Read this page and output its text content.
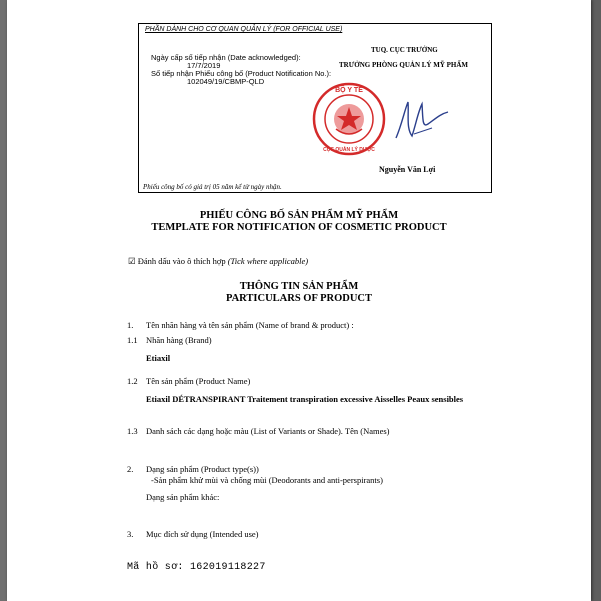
PHẦN DÀNH CHO CƠ QUAN QUẢN LÝ (FOR OFFICIAL USE)
Ngày cấp số tiếp nhận (Date acknowledged):
17/7/2019
Số tiếp nhận Phiếu công bố (Product Notification No.):
102049/19/CBMP-QLD
TUQ. CỤC TRƯỞNG
TRƯỞNG PHÒNG QUẢN LÝ MỸ PHẨM
BỘ Y TẾ
CỤC QUẢN LÝ DƯỢC
Nguyễn Văn Lợi
Phiếu công bố có giá trị 05 năm kể từ ngày nhận.
PHIẾU CÔNG BỐ SẢN PHẨM MỸ PHẨM
TEMPLATE FOR NOTIFICATION OF COSMETIC PRODUCT
☑ Đánh dấu vào ô thích hợp (Tick where applicable)
THÔNG TIN SẢN PHẨM
PARTICULARS OF PRODUCT
1. Tên nhãn hàng và tên sản phẩm (Name of brand & product) :
1.1 Nhãn hàng (Brand)
Etiaxil
1.2 Tên sản phẩm (Product Name)
Etiaxil DÉTRANSPIRANT Traitement transpiration excessive Aisselles Peaux sensibles
1.3 Danh sách các dạng hoặc màu (List of Variants or Shade). Tên (Names)
2. Dạng sản phẩm (Product type(s))
-Sản phẩm khử mùi và chống mùi (Deodorants and anti-perspirants)
Dạng sản phẩm khác:
3. Mục đích sử dụng (Intended use)
Mã hồ sơ: 162019118227
